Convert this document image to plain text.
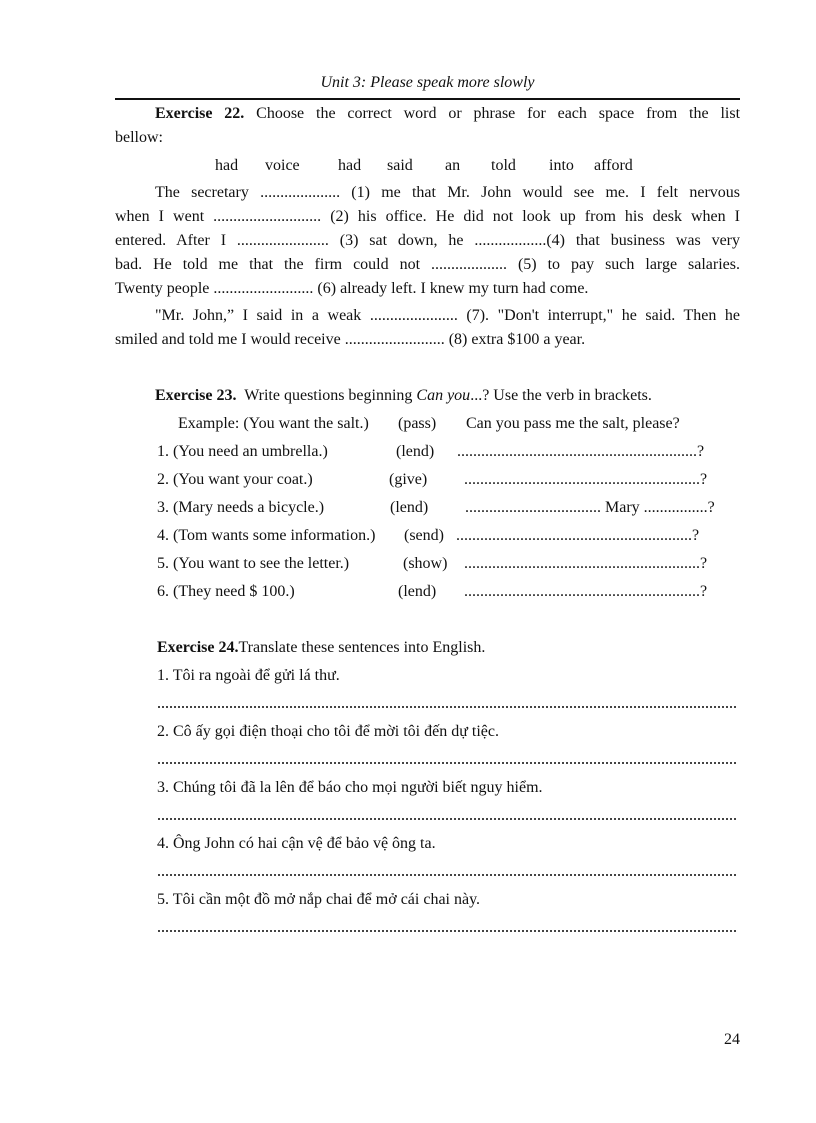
Unit 3: Please speak more slowly
Exercise 22. Choose the correct word or phrase for each space from the list
bellow:
had voice had said an told into afford
The secretary .................... (1) me that Mr. John would see me. I felt nervous
when I went ........................... (2) his office. He did not look up from his desk when I
entered. After I ....................... (3) sat down, he ..................(4) that business was very
bad. He told me that the firm could not ................... (5) to pay such large salaries.
Twenty people ......................... (6) already left. I knew my turn had come.
"Mr. John,” I said in a weak ...................... (7). "Don't interrupt," he said. Then he
smiled and told me I would receive ......................... (8) extra $100 a year.
Exercise 23. Write questions beginning Can you...? Use the verb in brackets.
Example: (You want the salt.) (pass) Can you pass me the salt, please?
1. (You need an umbrella.)	(lend) ............................................................?
2. (You want your coat.)	(give) ...........................................................?
3. (Mary needs a bicycle.)	(lend) .................................. Mary ................?
4. (Tom wants some information.) (send) ...........................................................?
5. (You want to see the letter.)	(show) ...........................................................?
6. (They need $ 100.)	(lend) ...........................................................?
Exercise 24. Translate these sentences into English.
1. Tôi ra ngoài để gửi lá thư.
2. Cô ấy gọi điện thoại cho tôi để mời tôi đến dự tiệc.
3. Chúng tôi đã la lên để báo cho mọi người biết nguy hiểm.
4. Ông John có hai cận vệ để bảo vệ ông ta.
5. Tôi cần một đồ mở nắp chai để mở cái chai này.
24
